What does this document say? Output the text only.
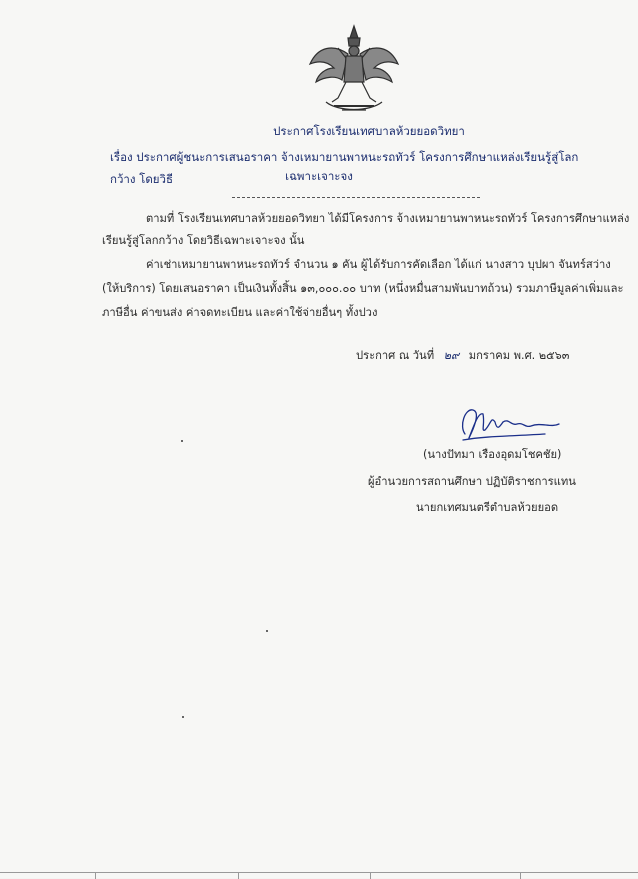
ประกาศโรงเรียนเทศบาลห้วยยอดวิทยา
เรื่อง ประกาศผู้ชนะการเสนอราคา จ้างเหมายานพาหนะรถทัวร์ โครงการศึกษาแหล่งเรียนรู้สู่โลกกว้าง โดยวิธี	เฉพาะเจาะจง
ตามที่ โรงเรียนเทศบาลห้วยยอดวิทยา ได้มีโครงการ จ้างเหมายานพาหนะรถทัวร์ โครงการศึกษาแหล่ง
เรียนรู้สู่โลกกว้าง โดยวิธีเฉพาะเจาะจง นั้น
ค่าเช่าเหมายานพาหนะรถทัวร์ จำนวน ๑ คัน ผู้ได้รับการคัดเลือก ได้แก่ นางสาว บุปผา จันทร์สว่าง
(ให้บริการ) โดยเสนอราคา เป็นเงินทั้งสิ้น ๑๓,๐๐๐.๐๐ บาท (หนึ่งหมื่นสามพันบาทถ้วน) รวมภาษีมูลค่าเพิ่มและ
ภาษีอื่น ค่าขนส่ง ค่าจดทะเบียน และค่าใช้จ่ายอื่นๆ ทั้งปวง
ประกาศ ณ วันที่ ๒๙ มกราคม พ.ศ. ๒๕๖๓
(นางปัทมา เรืองอุดมโชคชัย)
ผู้อำนวยการสถานศึกษา ปฏิบัติราชการแทน
นายกเทศมนตรีตำบลห้วยยอด
